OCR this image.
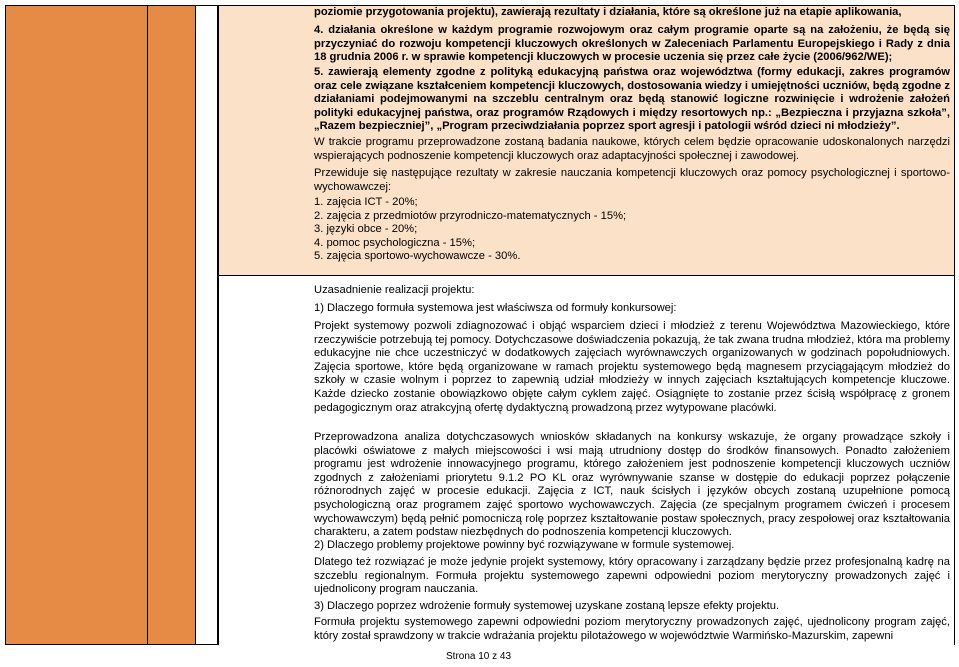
poziomie przygotowania projektu), zawierają rezultaty i działania, które są określone już na etapie aplikowania,
4. działania określone w każdym programie rozwojowym oraz całym programie oparte są na założeniu, że będą się przyczyniać do rozwoju kompetencji kluczowych określonych w Zaleceniach Parlamentu Europejskiego i Rady z dnia 18 grudnia 2006 r. w sprawie kompetencji kluczowych w procesie uczenia się przez całe życie (2006/962/WE);
5. zawierają elementy zgodne z polityką edukacyjną państwa oraz województwa (formy edukacji, zakres programów oraz cele związane kształceniem kompetencji kluczowych, dostosowania wiedzy i umiejętności uczniów, będą zgodne z działaniami podejmowanymi na szczeblu centralnym oraz będą stanowić logiczne rozwinięcie i wdrożenie założeń polityki edukacyjnej państwa, oraz programów Rządowych i między resortowych np.: „Bezpieczna i przyjazna szkoła”, „Razem bezpieczniej”, „Program przeciwdziałania poprzez sport agresji i patologii wśród dzieci ni młodzieży”.
W trakcie programu przeprowadzone zostaną badania naukowe, których celem będzie opracowanie udoskonalonych narzędzi wspierających podnoszenie kompetencji kluczowych oraz adaptacyjności społecznej i zawodowej.
Przewiduje się następujące rezultaty w zakresie nauczania kompetencji kluczowych oraz pomocy psychologicznej i sportowo-wychowawczej:
1. zajęcia ICT - 20%;
2. zajęcia z przedmiotów przyrodniczo-matematycznych - 15%;
3. języki obce - 20%;
4. pomoc psychologiczna - 15%;
5. zajęcia sportowo-wychowawcze - 30%.
Uzasadnienie realizacji projektu:
1) Dlaczego formuła systemowa jest właściwsza od formuły konkursowej:
Projekt systemowy pozwoli zdiagnozować i objąć wsparciem dzieci i młodzież z terenu Województwa Mazowieckiego, które rzeczywiście potrzebują tej pomocy. Dotychczasowe doświadczenia pokazują, że tak zwana trudna młodzież, która ma problemy edukacyjne nie chce uczestniczyć w dodatkowych zajęciach wyrównawczych organizowanych w godzinach popołudniowych. Zajęcia sportowe, które będą organizowane w ramach projektu systemowego będą magnesem przyciągającym młodzież do szkoły w czasie wolnym i poprzez to zapewnią udział młodzieży w innych zajęciach kształtujących kompetencje kluczowe. Każde dziecko zostanie obowiązkowo objęte całym cyklem zajęć. Osiągnięte to zostanie przez ścisłą współpracę z gronem pedagogicznym oraz atrakcyjną ofertę dydaktyczną prowadzoną przez wytypowane placówki.
Przeprowadzona analiza dotychczasowych wniosków składanych na konkursy wskazuje, że organy prowadzące szkoły i placówki oświatowe z małych miejscowości i wsi mają utrudniony dostęp do środków finansowych. Ponadto założeniem programu jest wdrożenie innowacyjnego programu, którego założeniem jest podnoszenie kompetencji kluczowych uczniów zgodnych z założeniami priorytetu 9.1.2 PO KL oraz wyrównywanie szanse w dostępie do edukacji poprzez połączenie różnorodnych zajęć w procesie edukacji. Zajęcia z ICT, nauk ścisłych i języków obcych zostaną uzupełnione pomocą psychologiczną oraz programem zajęć sportowo wychowawczych. Zajęcia (ze specjalnym programem ćwiczeń i procesem wychowawczym) będą pełnić pomocniczą rolę poprzez kształtowanie postaw społecznych, pracy zespołowej oraz kształtowania charakteru, a zatem podstaw niezbędnych do podnoszenia kompetencji kluczowych.
2) Dlaczego problemy projektowe powinny być rozwiązywane w formule systemowej.
Dlatego też rozwiązać je może jedynie projekt systemowy, który opracowany i zarządzany będzie przez profesjonalną kadrę na szczeblu regionalnym. Formuła projektu systemowego zapewni odpowiedni poziom merytoryczny prowadzonych zajęć i ujednolicony program nauczania.
3) Dlaczego poprzez wdrożenie formuły systemowej uzyskane zostaną lepsze efekty projektu.
Formuła projektu systemowego zapewni odpowiedni poziom merytoryczny prowadzonych zajęć, ujednolicony program zajęć, który został sprawdzony w trakcie wdrażania projektu pilotażowego w województwie Warmińsko-Mazurskim, zapewni
Strona 10 z 43
